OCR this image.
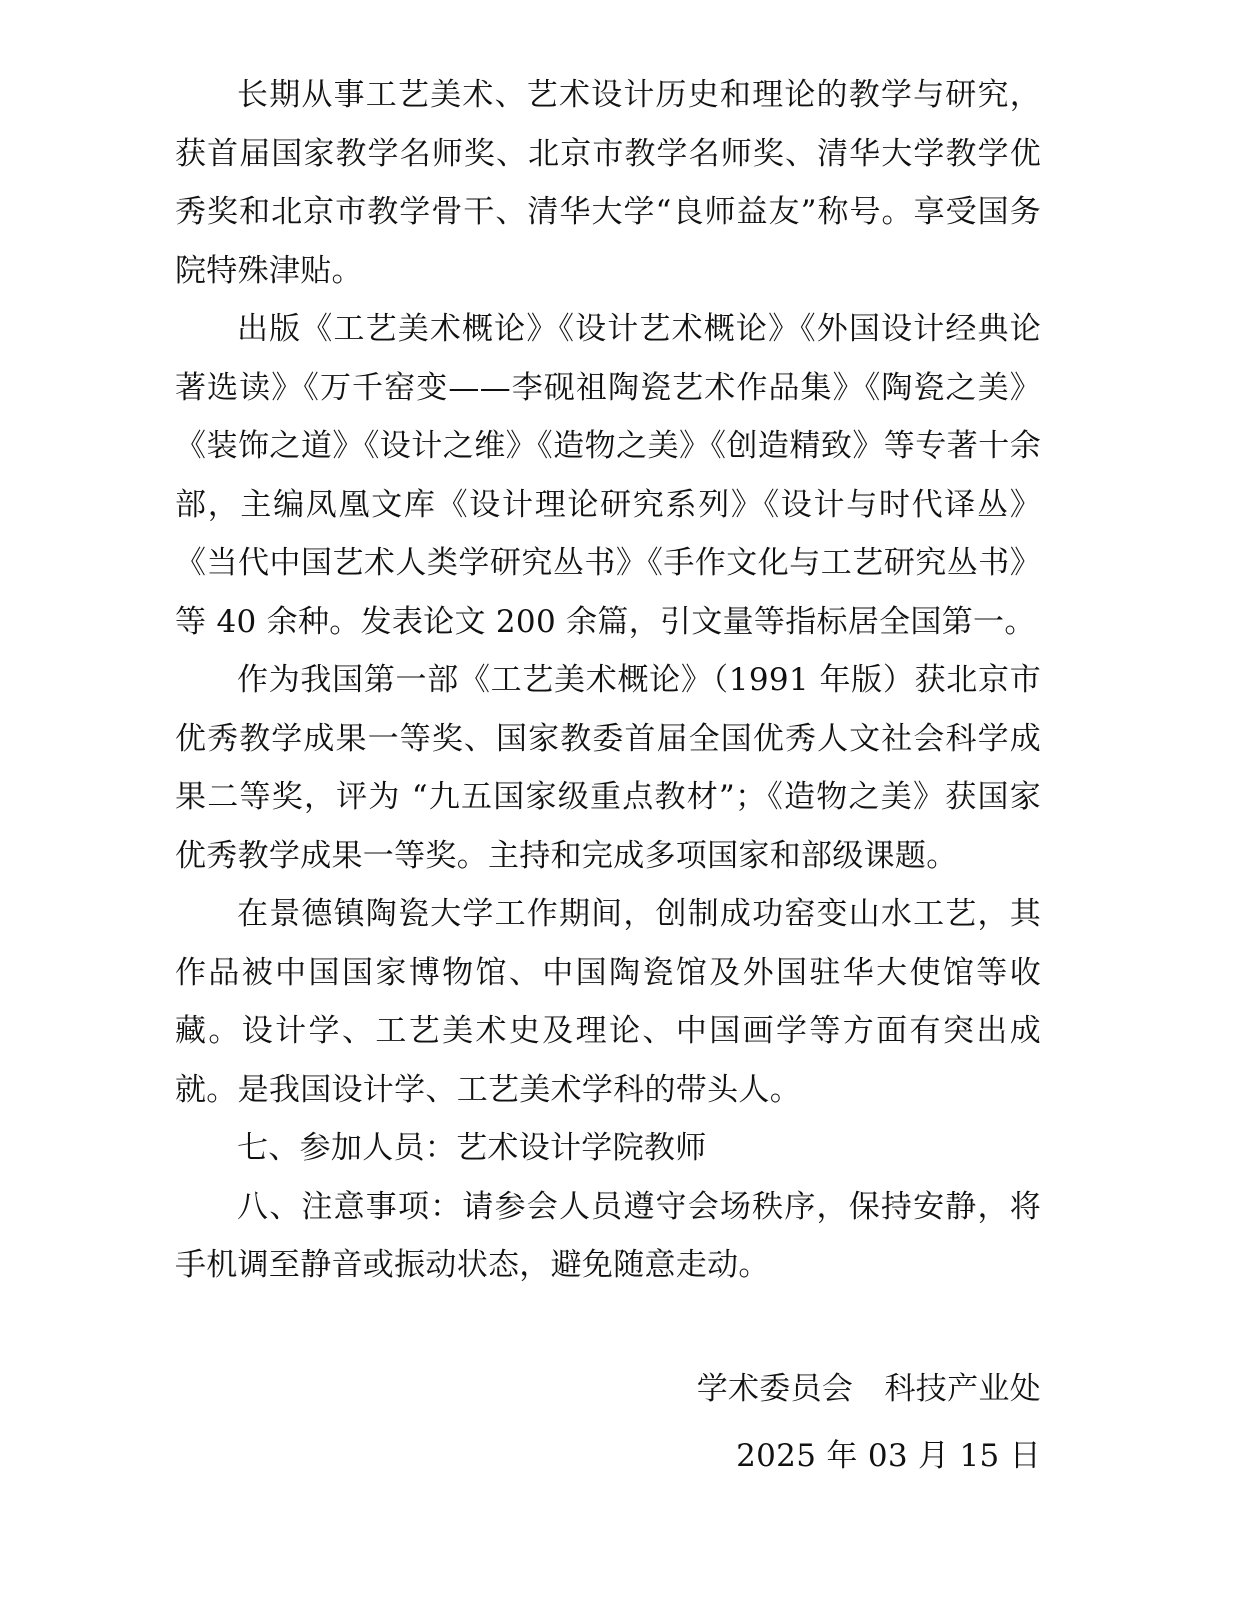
长期从事工艺美术、艺术设计历史和理论的教学与研究，获首届国家教学名师奖、北京市教学名师奖、清华大学教学优秀奖和北京市教学骨干、清华大学“良师益友”称号。享受国务院特殊津贴。

出版《工艺美术概论》《设计艺术概论》《外国设计经典论著选读》《万千窑变——李砚祖陶瓷艺术作品集》《陶瓷之美》《装饰之道》《设计之维》《造物之美》《创造精致》等专著十余部，主编凤凰文库《设计理论研究系列》《设计与时代译丛》《当代中国艺术人类学研究丛书》《手作文化与工艺研究丛书》等 40 余种。发表论文 200 余篇，引文量等指标居全国第一。

作为我国第一部《工艺美术概论》（1991 年版）获北京市优秀教学成果一等奖、国家教委首届全国优秀人文社会科学成果二等奖，评为 “九五国家级重点教材”；《造物之美》获国家优秀教学成果一等奖。主持和完成多项国家和部级课题。

在景德镇陶瓷大学工作期间，创制成功窑变山水工艺，其作品被中国国家博物馆、中国陶瓷馆及外国驻华大使馆等收藏。设计学、工艺美术史及理论、中国画学等方面有突出成就。是我国设计学、工艺美术学科的带头人。

七、参加人员：艺术设计学院教师

八、注意事项：请参会人员遵守会场秩序，保持安静，将手机调至静音或振动状态，避免随意走动。

学术委员会　科技产业处
2025 年 03 月 15 日
